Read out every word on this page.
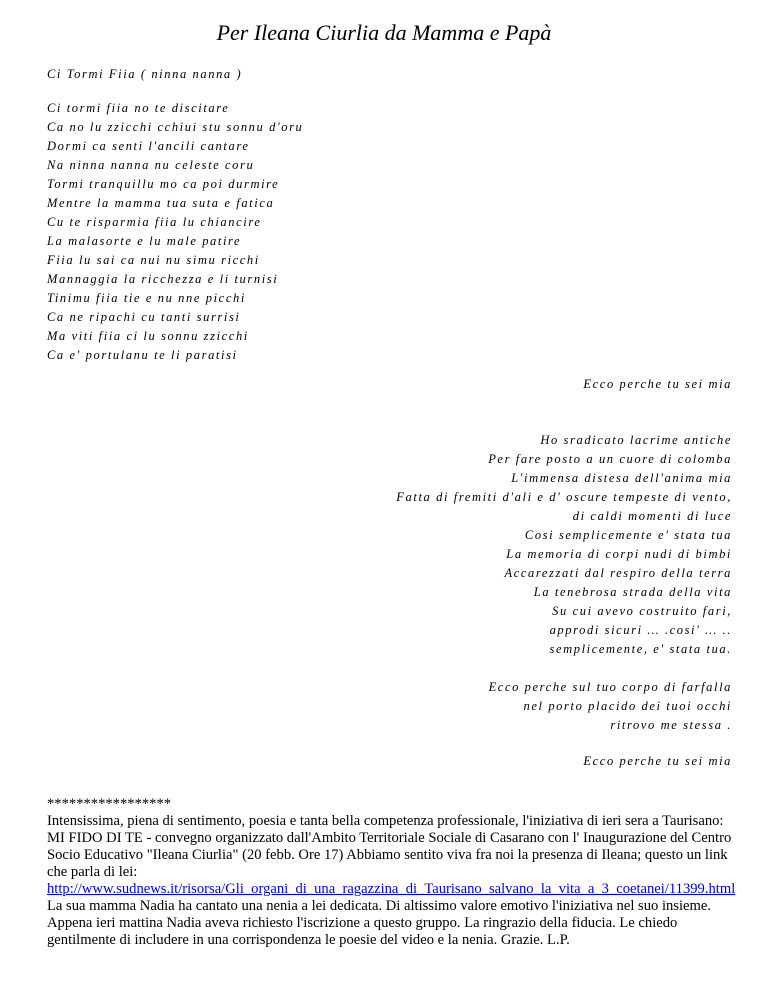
Per Ileana Ciurlia da Mamma e Papà
Ci Tormi Fiia ( ninna nanna )
Ci tormi fiia no te discitare
Ca no lu zzicchi cchiui stu sonnu d'oru
Dormi ca senti l'ancili cantare
Na ninna nanna nu celeste coru
Tormi tranquillu mo ca poi durmire
Mentre la mamma tua suta e fatica
Cu te risparmia fiia lu chiancire
La malasorte e lu male patire
Fiia lu sai ca nui nu simu ricchi
Mannaggia la ricchezza e li turnisi
Tinimu fiia tie e nu nne picchi
Ca ne ripachi cu tanti surrisi
Ma viti fiia ci lu sonnu zzicchi
Ca e' portulanu te li paratisi
Ecco perche tu sei mia
Ho sradicato lacrime antiche
Per fare posto a un cuore di colomba
L'immensa distesa dell'anima mia
Fatta di fremiti d'ali e d' oscure tempeste di vento,
di caldi momenti di luce
Cosi semplicemente e' stata tua
La memoria di corpi nudi di bimbi
Accarezzati dal respiro della terra
La tenebrosa strada della vita
Su cui avevo costruito fari,
approdi sicuri … .cosi' … ..
semplicemente, e' stata tua.
Ecco perche sul tuo corpo di farfalla
nel porto placido dei tuoi occhi
ritrovo me stessa .
Ecco perche tu sei mia

*****************

Intensissima, piena di sentimento, poesia e tanta bella competenza professionale, l'iniziativa di ieri sera a Taurisano: MI FIDO DI TE - convegno organizzato dall'Ambito Territoriale Sociale di Casarano con l' Inaugurazione del Centro Socio Educativo "Ileana Ciurlia" (20 febb. Ore 17) Abbiamo sentito viva fra noi la presenza di Ileana; questo un link che parla di lei:
http://www.sudnews.it/risorsa/Gli_organi_di_una_ragazzina_di_Taurisano_salvano_la_vita_a_3_coetanei/11399.html

La sua mamma Nadia ha cantato una nenia a lei dedicata. Di altissimo valore emotivo l'iniziativa nel suo insieme. Appena ieri mattina Nadia aveva richiesto l'iscrizione a questo gruppo. La ringrazio della fiducia. Le chiedo gentilmente di includere in una corrispondenza le poesie del video e la nenia. Grazie. L.P.
